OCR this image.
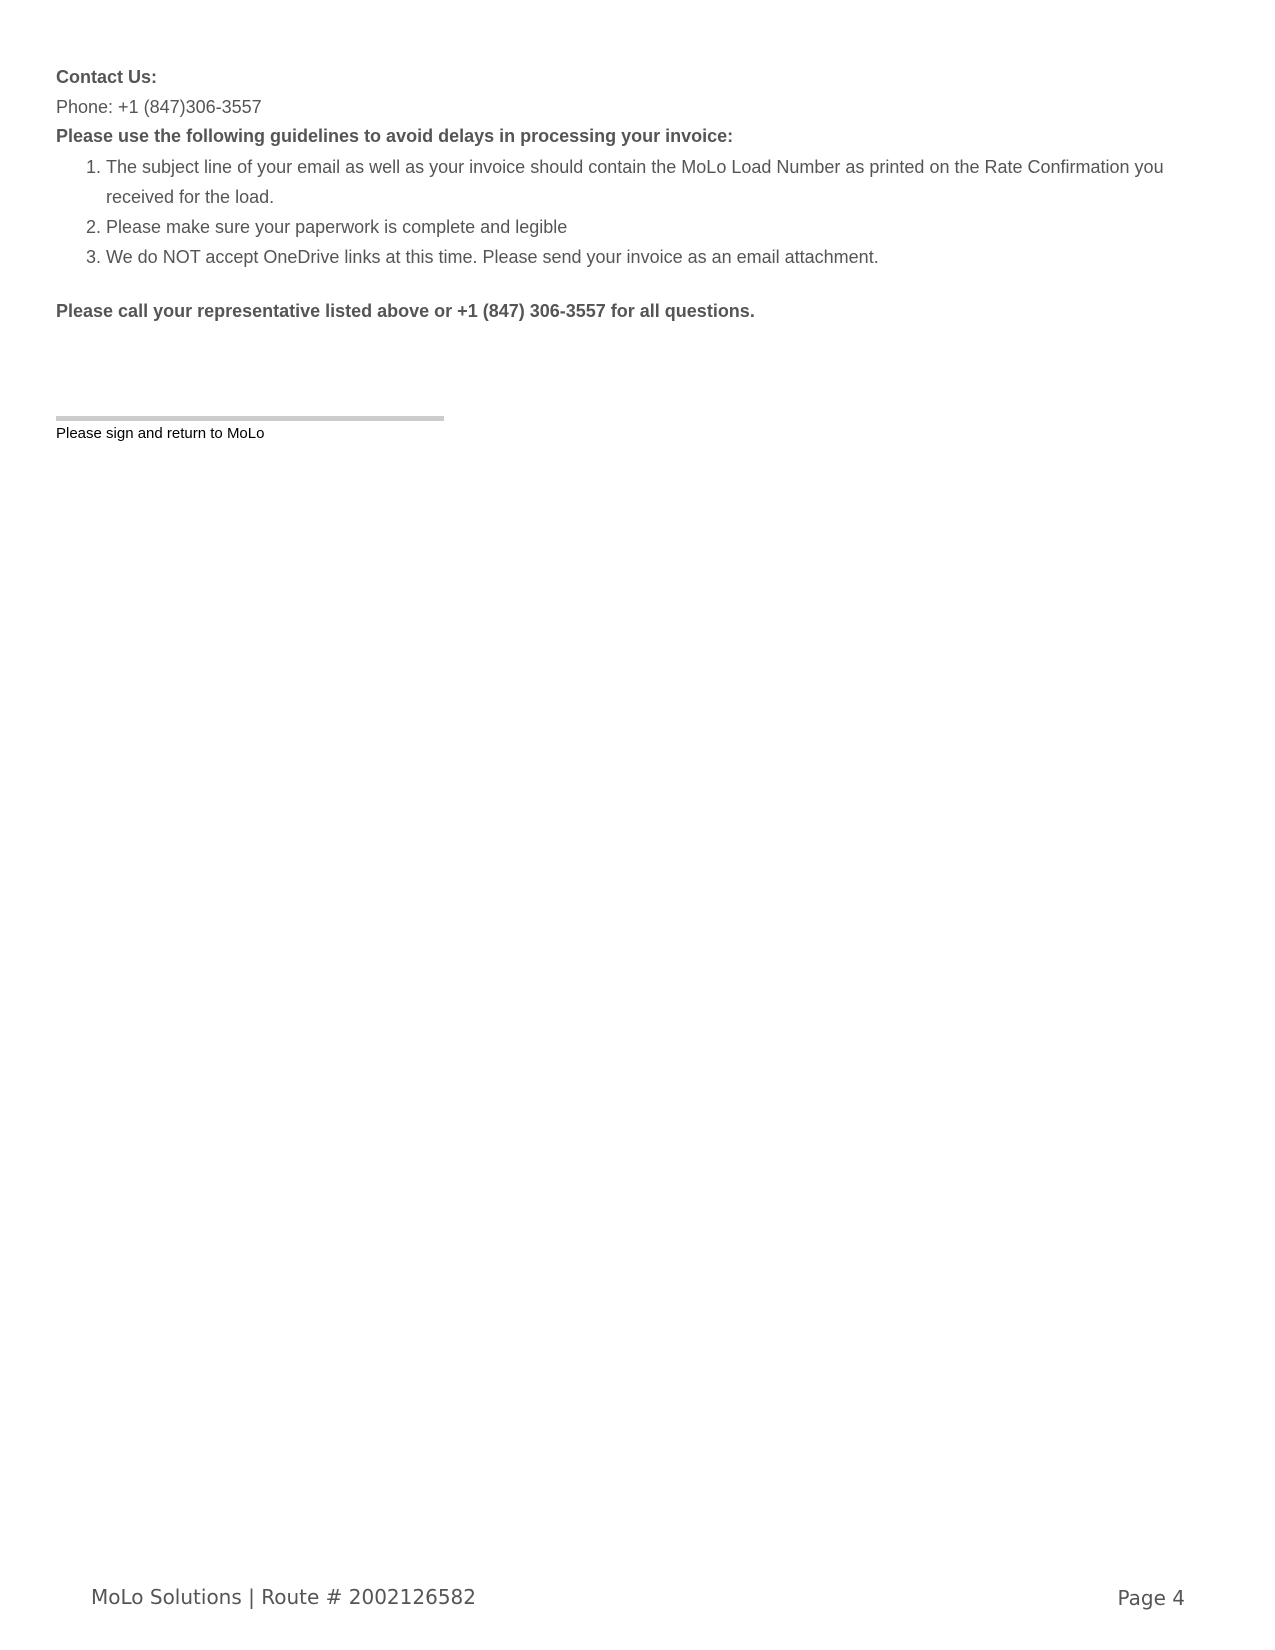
Contact Us:
Phone: +1 (847)306-3557
Please use the following guidelines to avoid delays in processing your invoice:
1. The subject line of your email as well as your invoice should contain the MoLo Load Number as printed on the Rate Confirmation you received for the load.
2. Please make sure your paperwork is complete and legible
3. We do NOT accept OneDrive links at this time. Please send your invoice as an email attachment.
Please call your representative listed above or +1 (847) 306-3557 for all questions.
Please sign and return to MoLo
MoLo Solutions | Route # 2002126582	Page 4
